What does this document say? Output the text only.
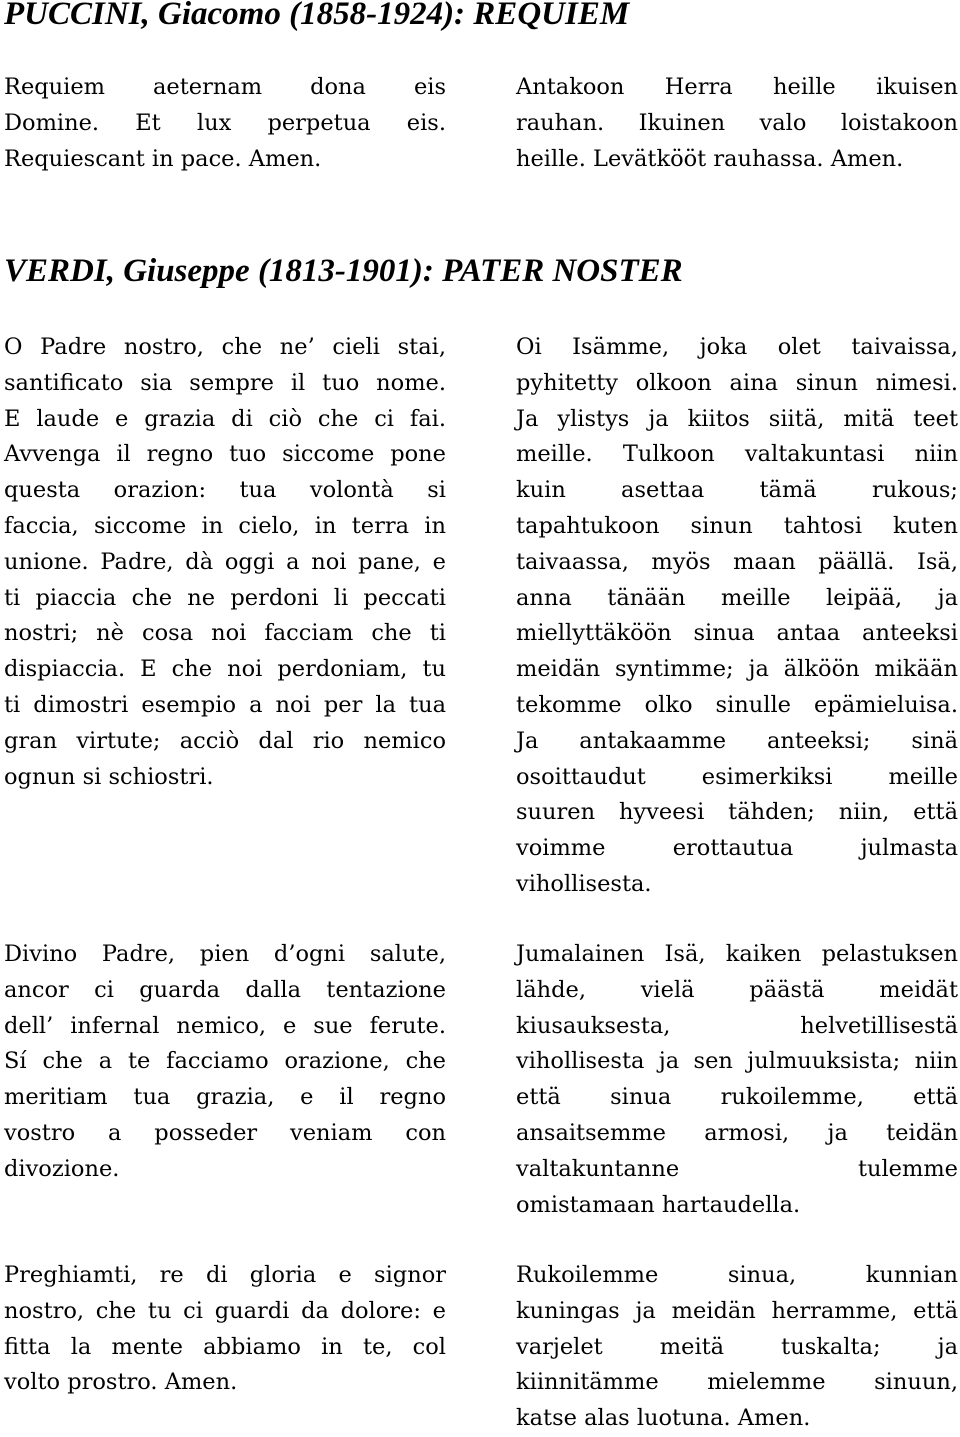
PUCCINI, Giacomo (1858-1924): REQUIEM
Requiem aeternam dona eis
Domine. Et lux perpetua eis.
Requiescant in pace. Amen.
Antakoon Herra heille ikuisen
rauhan. Ikuinen valo loistakoon
heille. Levätkööt rauhassa. Amen.
VERDI, Giuseppe (1813-1901): PATER NOSTER
O Padre nostro, che ne’ cieli stai,
santificato sia sempre il tuo nome.
E laude e grazia di ciò che ci fai.
Avvenga il regno tuo siccome pone
questa orazion: tua volontà si
faccia, siccome in cielo, in terra in
unione. Padre, dà oggi a noi pane, e
ti piaccia che ne perdoni li peccati
nostri; nè cosa noi facciam che ti
dispiaccia. E che noi perdoniam, tu
ti dimostri esempio a noi per la tua
gran virtute; acciò dal rio nemico
ognun si schiostri.
Oi Isämme, joka olet taivaissa,
pyhitetty olkoon aina sinun nimesi.
Ja ylistys ja kiitos siitä, mitä teet
meille. Tulkoon valtakuntasi niin
kuin asettaa tämä rukous;
tapahtukoon sinun tahtosi kuten
taivaassa, myös maan päällä. Isä,
anna tänään meille leipää, ja
miellyttäköön sinua antaa anteeksi
meidän syntimme; ja älköön mikään
tekomme olko sinulle epämieluisa.
Ja antakaamme anteeksi; sinä
osoittaudut esimerkiksi meille
suuren hyveesi tähden; niin, että
voimme erottautua julmasta
vihollisesta.
Divino Padre, pien d’ogni salute,
ancor ci guarda dalla tentazione
dell’ infernal nemico, e sue ferute.
Sí che a te facciamo orazione, che
meritiam tua grazia, e il regno
vostro a posseder veniam con
divozione.
Jumalainen Isä, kaiken pelastuksen
lähde, vielä päästä meidät
kiusauksesta, helvetillisestä
vihollisesta ja sen julmuuksista; niin
että sinua rukoilemme, että
ansaitsemme armosi, ja teidän
valtakuntanne tulemme
omistamaan hartaudella.
Preghiamti, re di gloria e signor
nostro, che tu ci guardi da dolore: e
fitta la mente abbiamo in te, col
volto prostro. Amen.
Rukoilemme sinua, kunnian
kuningas ja meidän herramme, että
varjelet meitä tuskalta; ja
kiinnitämme mielemme sinuun,
katse alas luotuna. Amen.
